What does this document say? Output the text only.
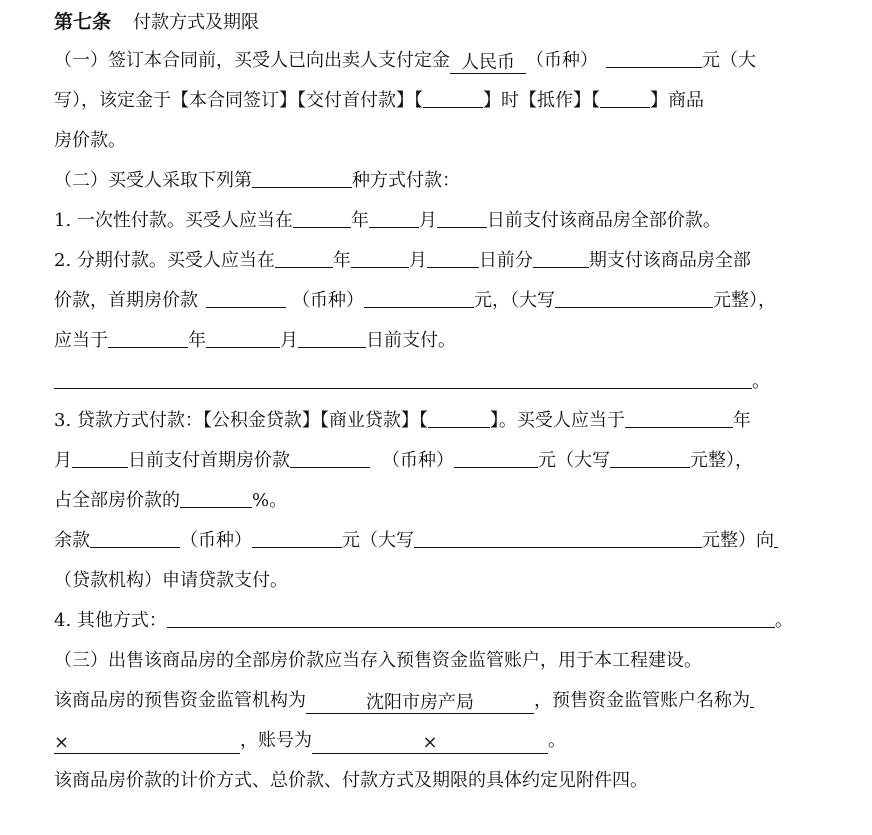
第七条 付款方式及期限
（一）签订本合同前，买受人已向出卖人支付定金 人民币 （币种）	元（大
写），该定金于【本合同签订】【交付首付款】【	】时【抵作】【	】商品
房价款。
（二）买受人采取下列第	种方式付款：
1. 一次性付款。买受人应当在	年	月	日前支付该商品房全部价款。
2. 分期付款。买受人应当在	年	月	日前分	期支付该商品房全部
价款，首期房价款	（币种）	元，（大写	元整），
应当于	年	月	日前支付。
。
3. 贷款方式付款：【公积金贷款】【商业贷款】【	】。买受人应当于	年
月	日前支付首期房价款	（币种）	元（大写	元整），
占全部房价款的	%。
余款	（币种）	元（大写	元整）向
（贷款机构）申请贷款支付。
4. 其他方式：	。
（三）出售该商品房的全部房价款应当存入预售资金监管账户，用于本工程建设。
该商品房的预售资金监管机构为	沈阳市房产局	，预售资金监管账户名称为
×	，账号为	×	。
该商品房价款的计价方式、总价款、付款方式及期限的具体约定见附件四。
